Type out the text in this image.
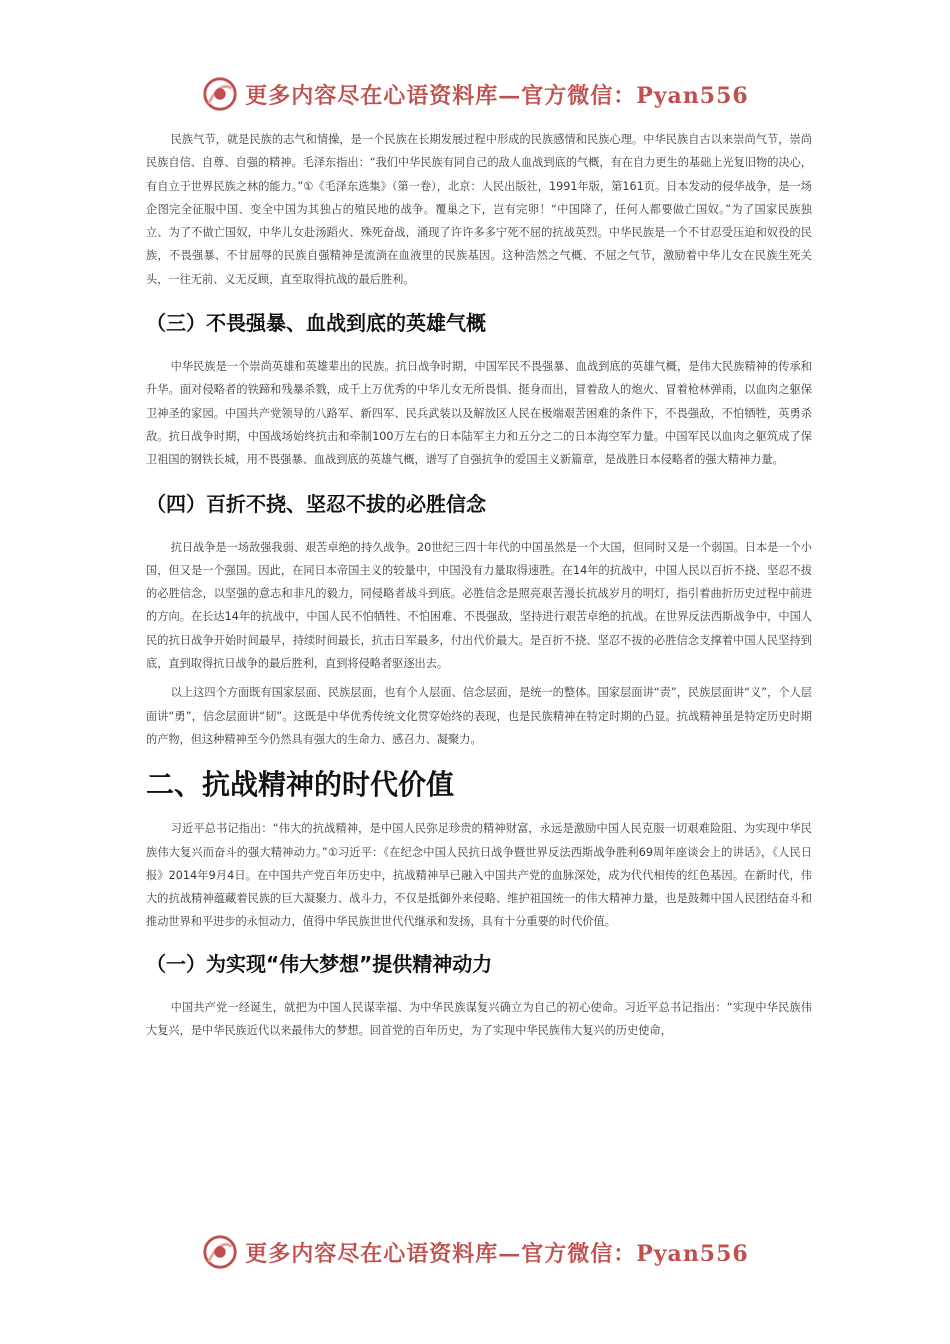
更多内容尽在心语资料库—官方微信：Pyan556

民族气节，就是民族的志气和情操，是一个民族在长期发展过程中形成的民族感情和民族心理。中华民族自古以来崇尚气节，崇尚民族自信、自尊、自强的精神。毛泽东指出：“我们中华民族有同自己的敌人血战到底的气概，有在自力更生的基础上光复旧物的决心，有自立于世界民族之林的能力。”①《毛泽东选集》（第一卷），北京：人民出版社，1991年版，第161页。日本发动的侵华战争，是一场企图完全征服中国、变全中国为其独占的殖民地的战争。覆巢之下，岂有完卵！“中国降了，任何人都要做亡国奴。”为了国家民族独立、为了不做亡国奴，中华儿女赴汤蹈火、殊死奋战，涌现了许许多多宁死不屈的抗战英烈。中华民族是一个不甘忍受压迫和奴役的民族，不畏强暴、不甘屈辱的民族自强精神是流淌在血液里的民族基因。这种浩然之气概、不屈之气节，激励着中华儿女在民族生死关头，一往无前、义无反顾，直至取得抗战的最后胜利。

（三）不畏强暴、血战到底的英雄气概

中华民族是一个崇尚英雄和英雄辈出的民族。抗日战争时期，中国军民不畏强暴、血战到底的英雄气概，是伟大民族精神的传承和升华。面对侵略者的铁蹄和残暴杀戮，成千上万优秀的中华儿女无所畏惧、挺身而出，冒着敌人的炮火、冒着枪林弹雨，以血肉之躯保卫神圣的家园。中国共产党领导的八路军、新四军、民兵武装以及解放区人民在极端艰苦困难的条件下，不畏强敌，不怕牺牲，英勇杀敌。抗日战争时期，中国战场始终抗击和牵制100万左右的日本陆军主力和五分之二的日本海空军力量。中国军民以血肉之躯筑成了保卫祖国的钢铁长城，用不畏强暴、血战到底的英雄气概，谱写了自强抗争的爱国主义新篇章，是战胜日本侵略者的强大精神力量。

（四）百折不挠、坚忍不拔的必胜信念

抗日战争是一场敌强我弱、艰苦卓绝的持久战争。20世纪三四十年代的中国虽然是一个大国，但同时又是一个弱国。日本是一个小国，但又是一个强国。因此，在同日本帝国主义的较量中，中国没有力量取得速胜。在14年的抗战中，中国人民以百折不挠、坚忍不拔的必胜信念，以坚强的意志和非凡的毅力，同侵略者战斗到底。必胜信念是照亮艰苦漫长抗战岁月的明灯，指引着曲折历史过程中前进的方向。在长达14年的抗战中，中国人民不怕牺牲、不怕困难、不畏强敌，坚持进行艰苦卓绝的抗战。在世界反法西斯战争中，中国人民的抗日战争开始时间最早，持续时间最长，抗击日军最多，付出代价最大。是百折不挠、坚忍不拔的必胜信念支撑着中国人民坚持到底，直到取得抗日战争的最后胜利，直到将侵略者驱逐出去。

以上这四个方面既有国家层面、民族层面，也有个人层面、信念层面，是统一的整体。国家层面讲“责”，民族层面讲“义”，个人层面讲“勇”，信念层面讲“韧”。这既是中华优秀传统文化贯穿始终的表现，也是民族精神在特定时期的凸显。抗战精神虽是特定历史时期的产物，但这种精神至今仍然具有强大的生命力、感召力、凝聚力。

二、抗战精神的时代价值

习近平总书记指出：“伟大的抗战精神，是中国人民弥足珍贵的精神财富，永远是激励中国人民克服一切艰难险阻、为实现中华民族伟大复兴而奋斗的强大精神动力。”①习近平：《在纪念中国人民抗日战争暨世界反法西斯战争胜利69周年座谈会上的讲话》，《人民日报》2014年9月4日。在中国共产党百年历史中，抗战精神早已融入中国共产党的血脉深处，成为代代相传的红色基因。在新时代，伟大的抗战精神蕴藏着民族的巨大凝聚力、战斗力，不仅是抵御外来侵略、维护祖国统一的伟大精神力量，也是鼓舞中国人民团结奋斗和推动世界和平进步的永恒动力，值得中华民族世世代代继承和发扬，具有十分重要的时代价值。

（一）为实现“伟大梦想”提供精神动力

中国共产党一经诞生，就把为中国人民谋幸福、为中华民族谋复兴确立为自己的初心使命。习近平总书记指出：“实现中华民族伟大复兴，是中华民族近代以来最伟大的梦想。回首党的百年历史，为了实现中华民族伟大复兴的历史使命，

更多内容尽在心语资料库—官方微信：Pyan556
